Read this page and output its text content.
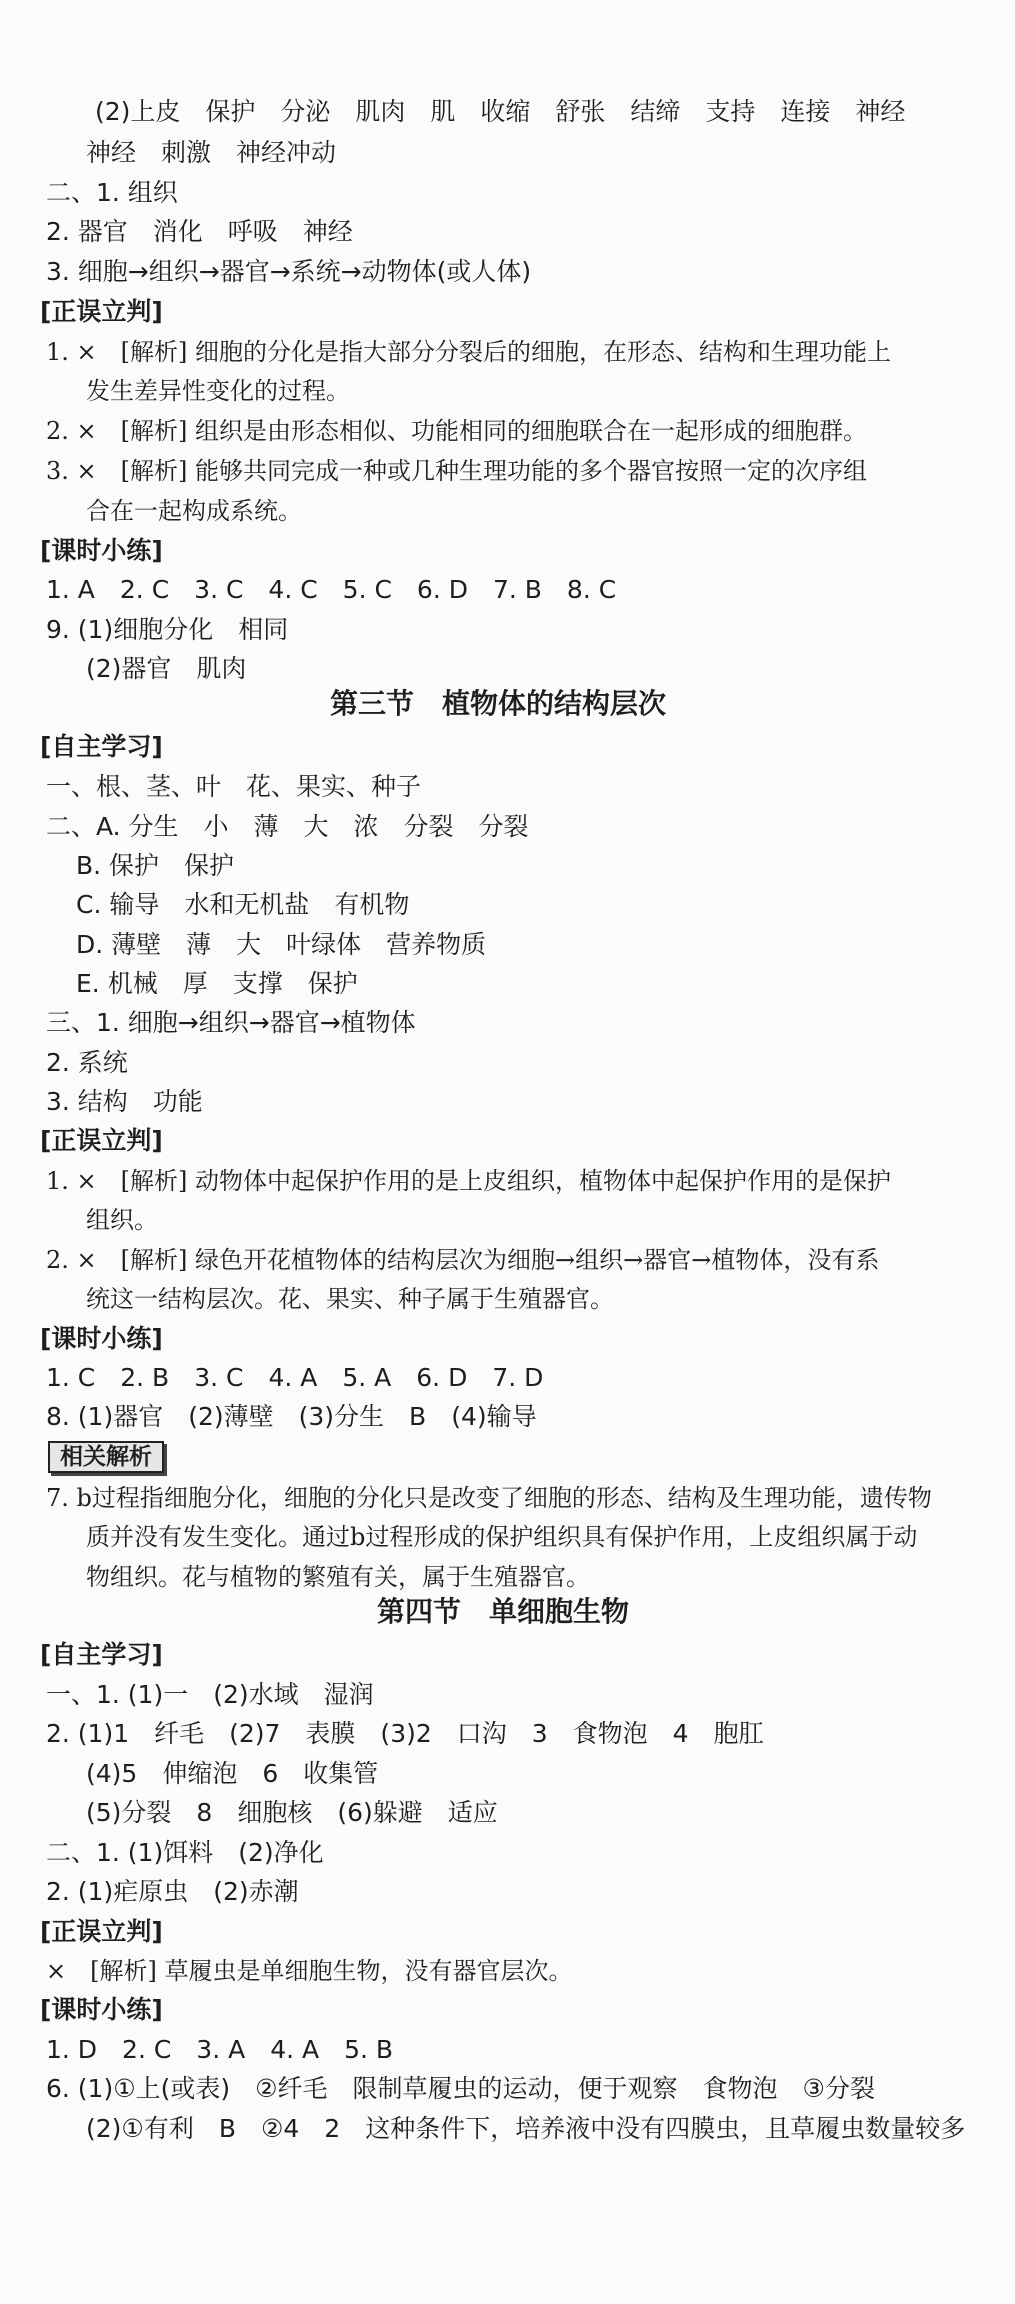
(2)上皮　保护　分泌　肌肉　肌　收缩　舒张　结缔　支持　连接　神经
神经　刺激　神经冲动
二、1. 组织
2. 器官　消化　呼吸　神经
3. 细胞→组织→器官→系统→动物体(或人体)
[正误立判]
1. ×　[解析] 细胞的分化是指大部分分裂后的细胞，在形态、结构和生理功能上
发生差异性变化的过程。
2. ×　[解析] 组织是由形态相似、功能相同的细胞联合在一起形成的细胞群。
3. ×　[解析] 能够共同完成一种或几种生理功能的多个器官按照一定的次序组
合在一起构成系统。
[课时小练]
1. A　2. C　3. C　4. C　5. C　6. D　7. B　8. C
9. (1)细胞分化　相同
(2)器官　肌肉
第三节　植物体的结构层次
[自主学习]
一、根、茎、叶　花、果实、种子
二、A. 分生　小　薄　大　浓　分裂　分裂
B. 保护　保护
C. 输导　水和无机盐　有机物
D. 薄壁　薄　大　叶绿体　营养物质
E. 机械　厚　支撑　保护
三、1. 细胞→组织→器官→植物体
2. 系统
3. 结构　功能
[正误立判]
1. ×　[解析] 动物体中起保护作用的是上皮组织，植物体中起保护作用的是保护
组织。
2. ×　[解析] 绿色开花植物体的结构层次为细胞→组织→器官→植物体，没有系
统这一结构层次。花、果实、种子属于生殖器官。
[课时小练]
1. C　2. B　3. C　4. A　5. A　6. D　7. D
8. (1)器官　(2)薄壁　(3)分生　B　(4)输导
相关解析
7. b过程指细胞分化，细胞的分化只是改变了细胞的形态、结构及生理功能，遗传物
质并没有发生变化。通过b过程形成的保护组织具有保护作用，上皮组织属于动
物组织。花与植物的繁殖有关，属于生殖器官。
第四节　单细胞生物
[自主学习]
一、1. (1)一　(2)水域　湿润
2. (1)1　纤毛　(2)7　表膜　(3)2　口沟　3　食物泡　4　胞肛
(4)5　伸缩泡　6　收集管
(5)分裂　8　细胞核　(6)躲避　适应
二、1. (1)饵料　(2)净化
2. (1)疟原虫　(2)赤潮
[正误立判]
×　[解析] 草履虫是单细胞生物，没有器官层次。
[课时小练]
1. D　2. C　3. A　4. A　5. B
6. (1)①上(或表)　②纤毛　限制草履虫的运动，便于观察　食物泡　③分裂
(2)①有利　B　②4　2　这种条件下，培养液中没有四膜虫，且草履虫数量较多
